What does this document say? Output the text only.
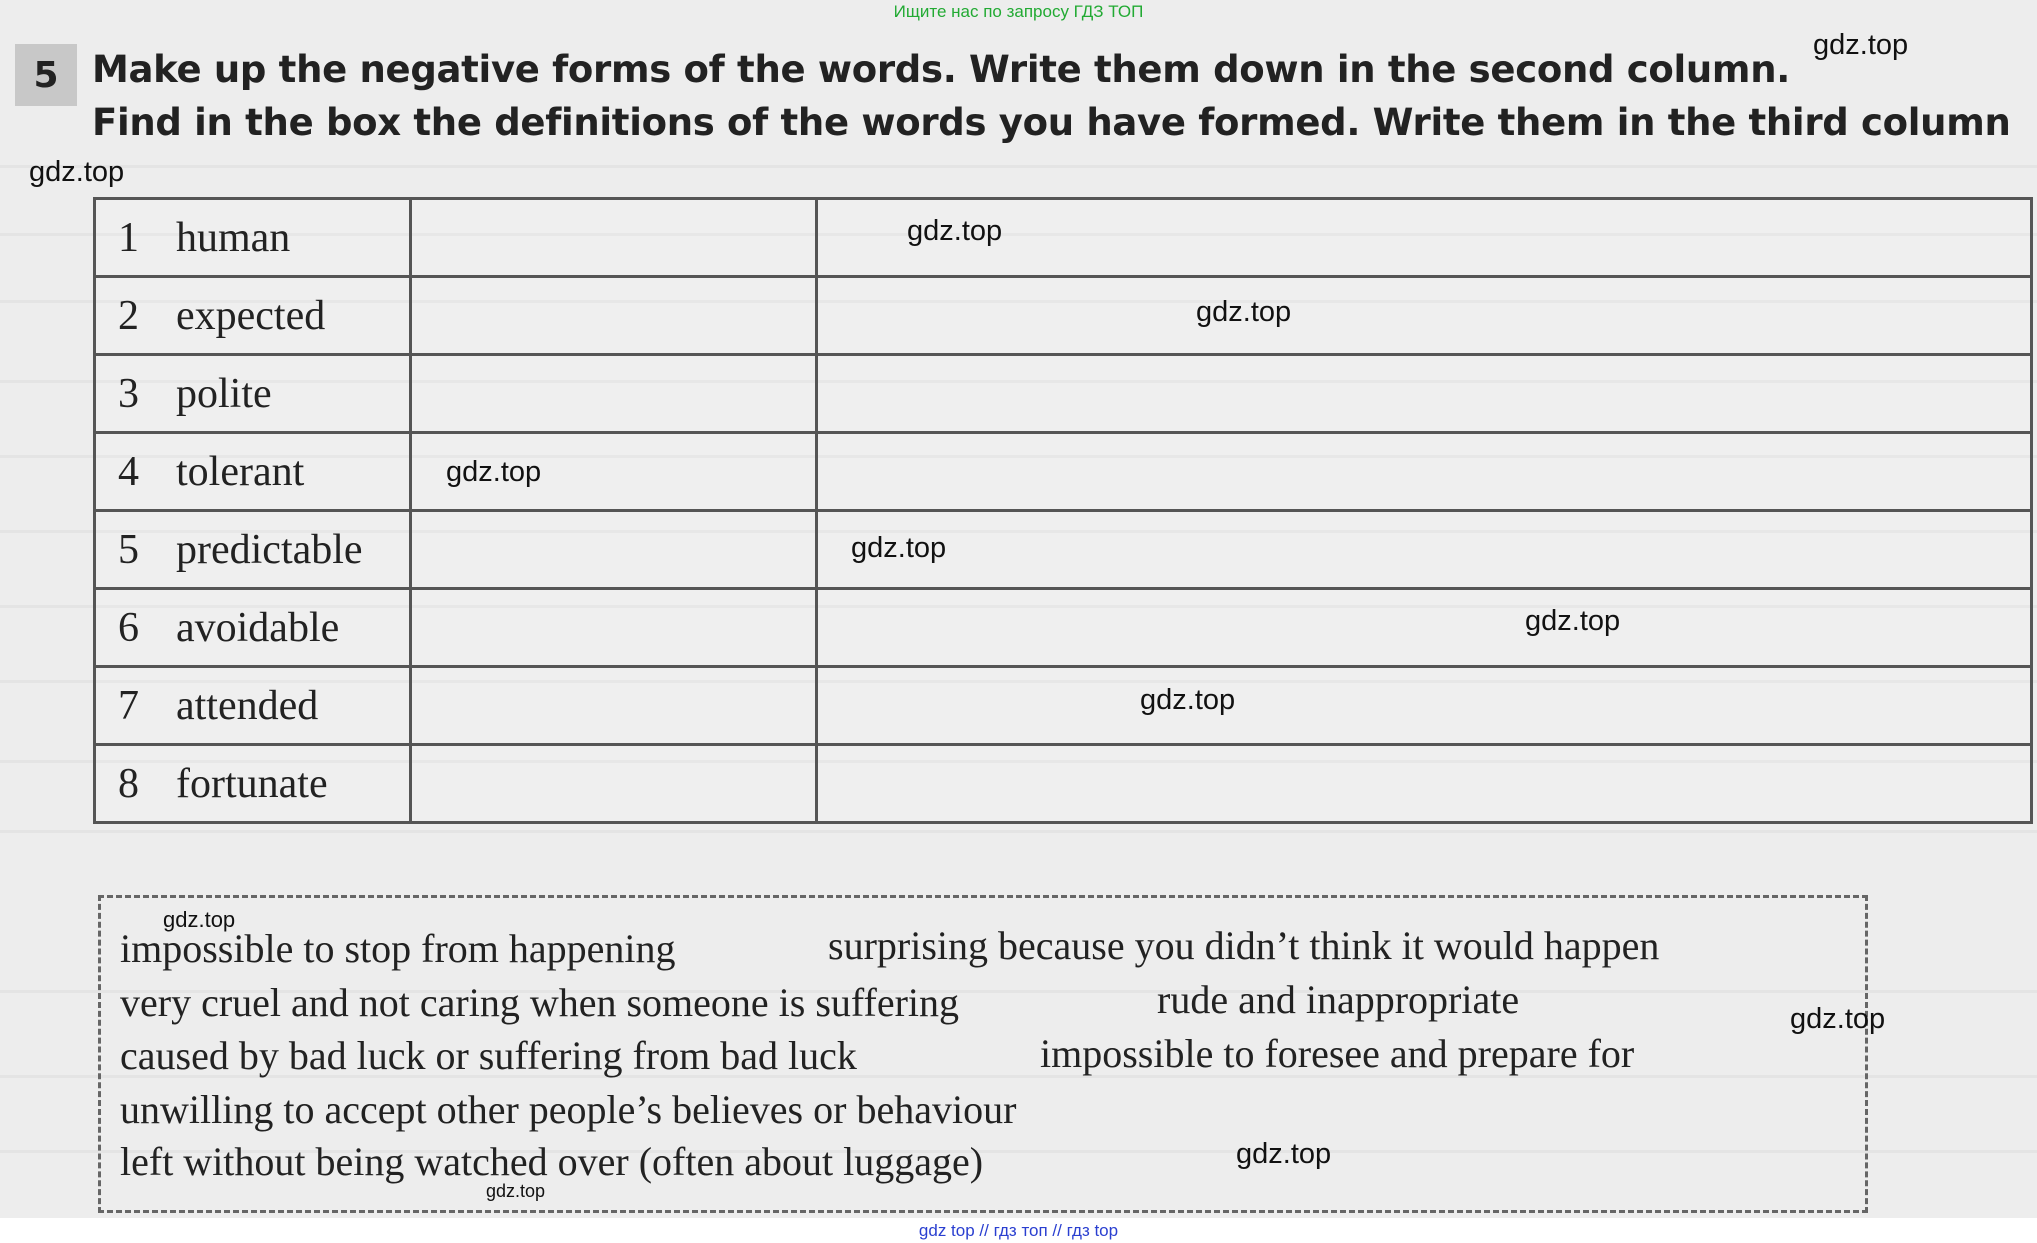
Ищите нас по запросу ГДЗ ТОП
5 Make up the negative forms of the words. Write them down in the second column.
Find in the box the definitions of the words you have formed. Write them in the third column
1 human		
2 expected		
3 polite		
4 tolerant		
5 predictable		
6 avoidable		
7 attended		
8 fortunate		
impossible to stop from happening	surprising because you didn’t think it would happen
very cruel and not caring when someone is suffering	rude and inappropriate
caused by bad luck or suffering from bad luck	impossible to foresee and prepare for
unwilling to accept other people’s believes or behaviour
left without being watched over (often about luggage)
gdz.top
gdz.top
gdz.top
gdz.top
gdz.top
gdz.top
gdz.top
gdz.top
gdz.top
gdz.top
gdz.top
gdz.top
gdz top // гдз топ // гдз top
